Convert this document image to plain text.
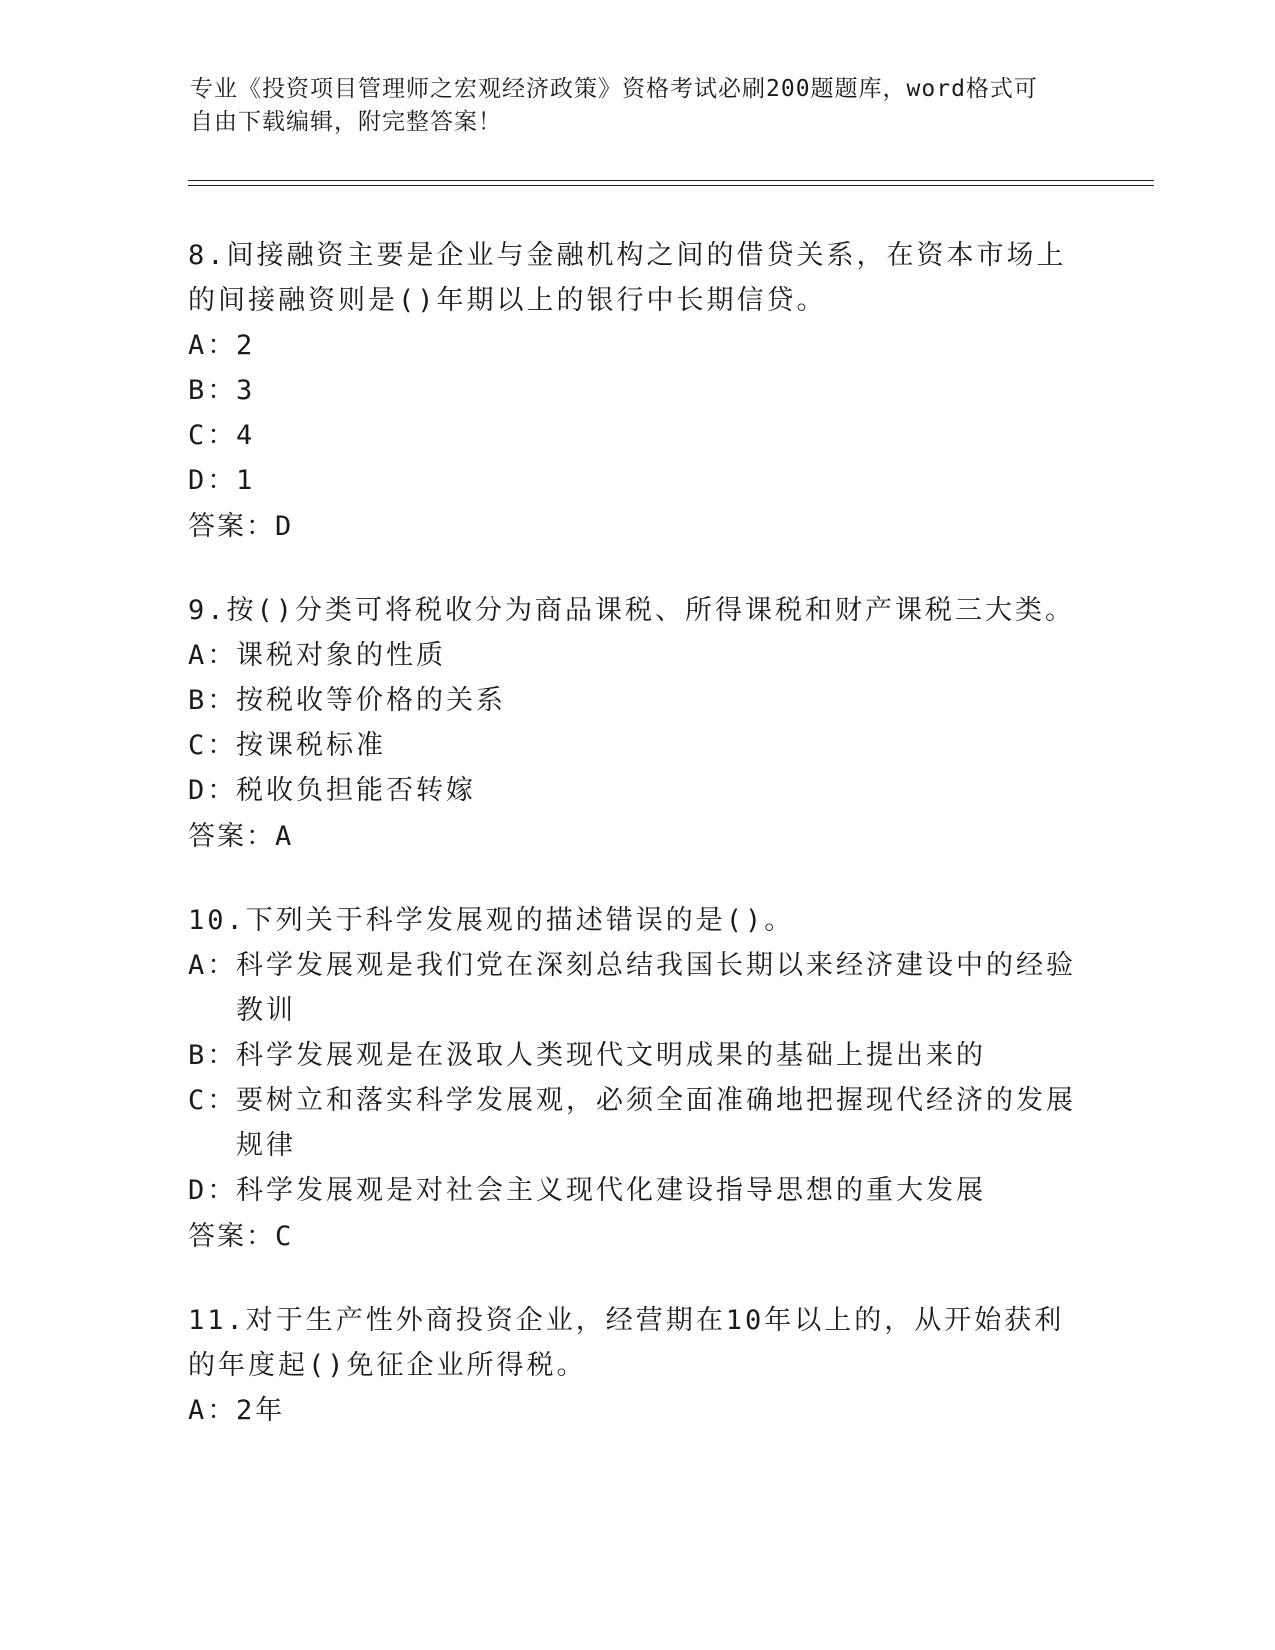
专业《投资项目管理师之宏观经济政策》资格考试必刷200题题库，word格式可
自由下载编辑，附完整答案！
8.间接融资主要是企业与金融机构之间的借贷关系，在资本市场上的间接融资则是()年期以上的银行中长期信贷。
A：2
B：3
C：4
D：1
答案：D
9.按()分类可将税收分为商品课税、所得课税和财产课税三大类。
A：课税对象的性质
B：按税收等价格的关系
C：按课税标准
D：税收负担能否转嫁
答案：A
10.下列关于科学发展观的描述错误的是()。
A：科学发展观是我们党在深刻总结我国长期以来经济建设中的经验教训
B：科学发展观是在汲取人类现代文明成果的基础上提出来的
C：要树立和落实科学发展观，必须全面准确地把握现代经济的发展规律
D：科学发展观是对社会主义现代化建设指导思想的重大发展
答案：C
11.对于生产性外商投资企业，经营期在10年以上的，从开始获利的年度起()免征企业所得税。
A：2年
